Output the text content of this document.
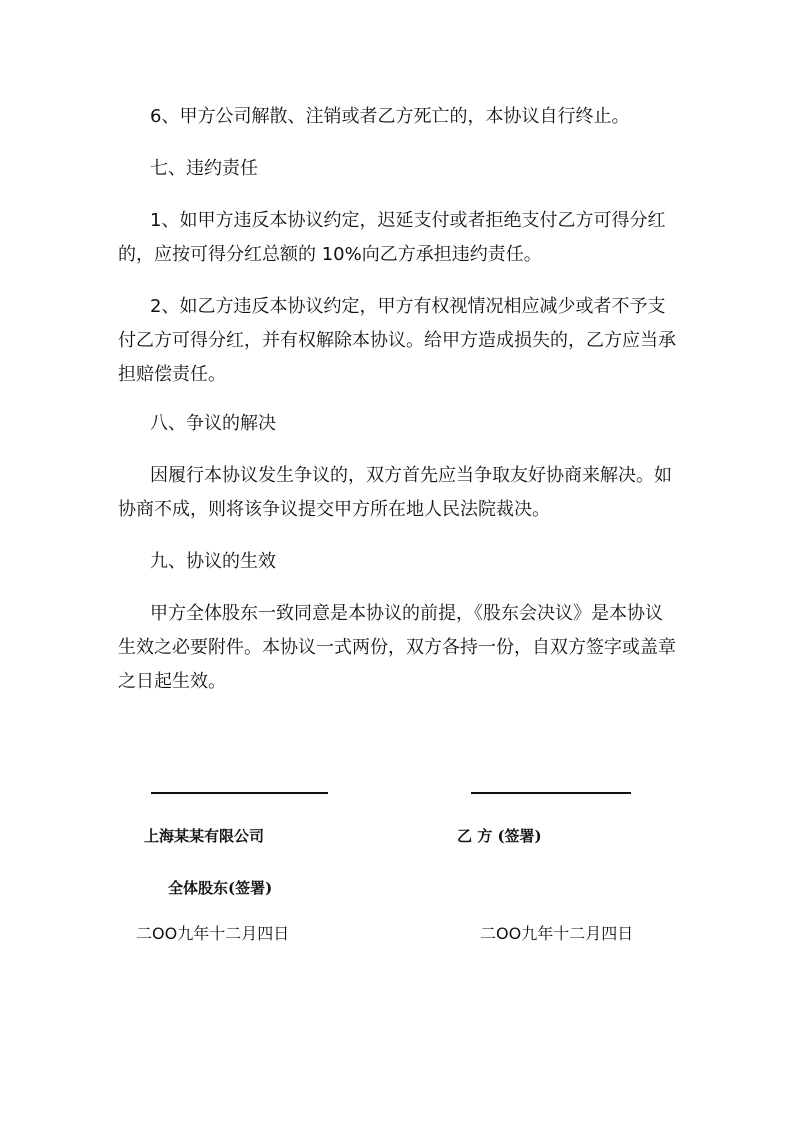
6、甲方公司解散、注销或者乙方死亡的，本协议自行终止。

七、违约责任

1、如甲方违反本协议约定，迟延支付或者拒绝支付乙方可得分红的，应按可得分红总额的 10%向乙方承担违约责任。

2、如乙方违反本协议约定，甲方有权视情况相应减少或者不予支付乙方可得分红，并有权解除本协议。给甲方造成损失的，乙方应当承担赔偿责任。

八、争议的解决

因履行本协议发生争议的，双方首先应当争取友好协商来解决。如协商不成，则将该争议提交甲方所在地人民法院裁决。

九、协议的生效

甲方全体股东一致同意是本协议的前提，《股东会决议》是本协议生效之必要附件。本协议一式两份，双方各持一份，自双方签字或盖章之日起生效。

上海某某有限公司	乙 方 (签署)
全体股东(签署)
二OO九年十二月四日	二OO九年十二月四日
